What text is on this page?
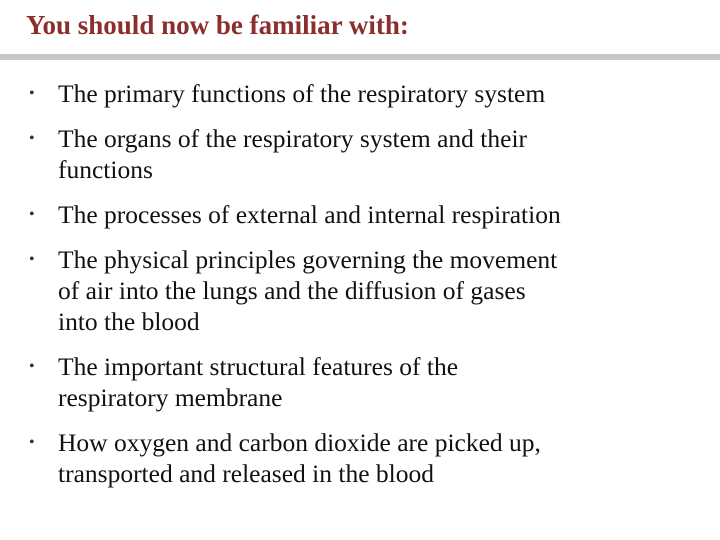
You should now be familiar with:
• The primary functions of the respiratory system
• The organs of the respiratory system and their
functions
• The processes of external and internal respiration
• The physical principles governing the movement
of air into the lungs and the diffusion of gases
into the blood
• The important structural features of the
respiratory membrane
• How oxygen and carbon dioxide are picked up,
transported and released in the blood
